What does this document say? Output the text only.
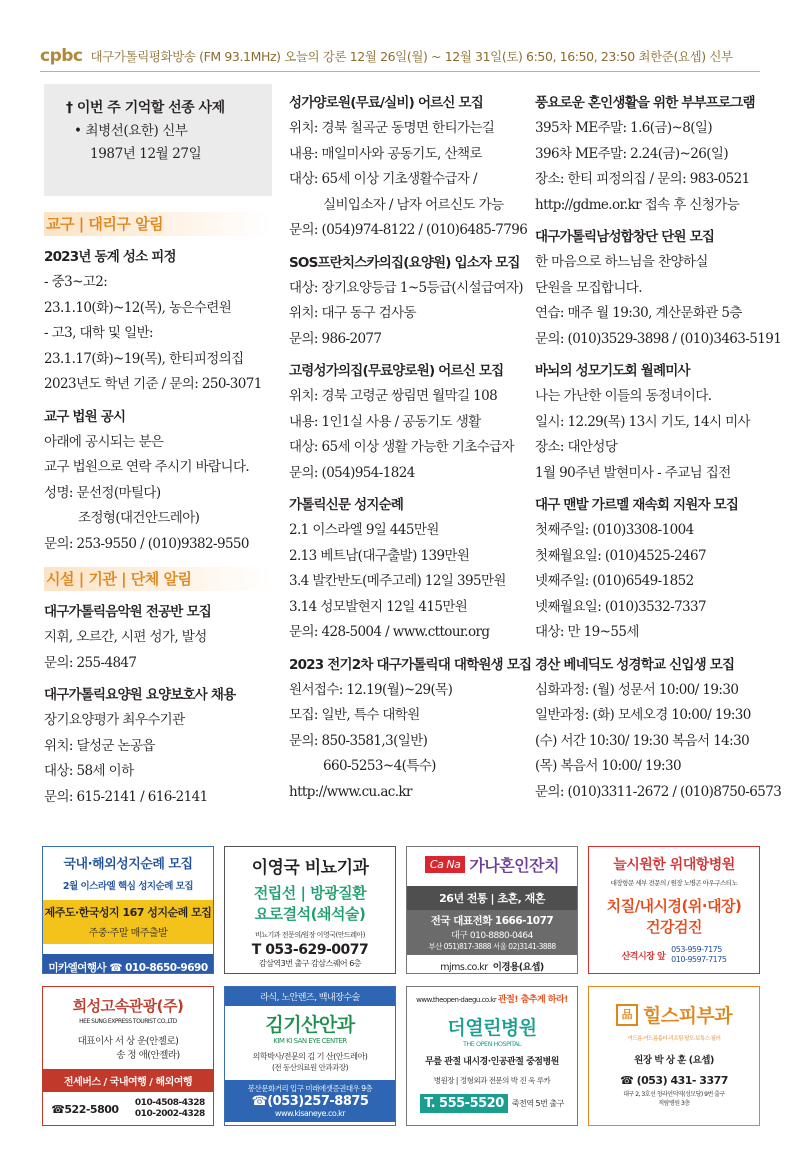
cpbc 대구가톨릭평화방송 (FM 93.1MHz) 오늘의 강론 12월 26일(월) ~ 12월 31일(토) 6:50, 16:50, 23:50 최한준(요셉) 신부
† 이번 주 기억할 선종 사제

• 최병선(요한) 신부

1987년 12월 27일

교구 | 대리구 알림
2023년 동계 성소 피정
- 중3~고2:
23.1.10(화)~12(목), 농은수련원
- 고3, 대학 및 일반:
23.1.17(화)~19(목), 한티피정의집
2023년도 학년 기준 / 문의: 250-3071
교구 법원 공시
아래에 공시되는 분은
교구 법원으로 연락 주시기 바랍니다.
성명: 문선정(마틸다)
조정형(대건안드레아)
문의: 253-9550 / (010)9382-9550
시설 | 기관 | 단체 알림
대구가톨릭음악원 전공반 모집
지휘, 오르간, 시편 성가, 발성
문의: 255-4847
대구가톨릭요양원 요양보호사 채용
장기요양평가 최우수기관
위치: 달성군 논공읍
대상: 58세 이하
문의: 615-2141 / 616-2141
성가양로원(무료/실비) 어르신 모집
위치: 경북 칠곡군 동명면 한티가는길
내용: 매일미사와 공동기도, 산책로
대상: 65세 이상 기초생활수급자 /
실비입소자 / 남자 어르신도 가능
문의: (054)974-8122 / (010)6485-7796
SOS프란치스카의집(요양원) 입소자 모집
대상: 장기요양등급 1~5등급(시설급여자)
위치: 대구 동구 검사동
문의: 986-2077
고령성가의집(무료양로원) 어르신 모집
위치: 경북 고령군 쌍림면 월막길 108
내용: 1인1실 사용 / 공동기도 생활
대상: 65세 이상 생활 가능한 기초수급자
문의: (054)954-1824
가톨릭신문 성지순례
2.1 이스라엘 9일 445만원
2.13 베트남(대구출발) 139만원
3.4 발칸반도(메주고레) 12일 395만원
3.14 성모발현지 12일 415만원
문의: 428-5004 / www.cttour.org
2023 전기2차 대구가톨릭대 대학원생 모집
원서접수: 12.19(월)~29(목)
모집: 일반, 특수 대학원
문의: 850-3581,3(일반)
660-5253~4(특수)
http://www.cu.ac.kr
풍요로운 혼인생활을 위한 부부프로그램
395차 ME주말: 1.6(금)~8(일)
396차 ME주말: 2.24(금)~26(일)
장소: 한티 피정의집 / 문의: 983-0521
http://gdme.or.kr 접속 후 신청가능
대구가톨릭남성합창단 단원 모집
한 마음으로 하느님을 찬양하실
단원을 모집합니다.
연습: 매주 월 19:30, 계산문화관 5층
문의: (010)3529-3898 / (010)3463-5191
바뇌의 성모기도회 월례미사
나는 가난한 이들의 동정녀이다.
일시: 12.29(목) 13시 기도, 14시 미사
장소: 대안성당
1월 90주년 발현미사 - 주교님 집전
대구 맨발 가르멜 재속회 지원자 모집
첫째주일: (010)3308-1004
첫째월요일: (010)4525-2467
넷째주일: (010)6549-1852
넷째월요일: (010)3532-7337
대상: 만 19~55세
경산 베네딕도 성경학교 신입생 모집
심화과정: (월) 성문서 10:00/ 19:30
일반과정: (화) 모세오경 10:00/ 19:30
(수) 서간 10:30/ 19:30 복음서 14:30
(목) 복음서 10:00/ 19:30
문의: (010)3311-2672 / (010)8750-6573
국내·해외성지순례 모집
2월 이스라엘 핵심 성지순례 모집
제주도·한국성지 167 성지순례 모집
주중·주말 매주출발
미카엘여행사 ☎ 010-8650-9690
이영국 비뇨기과
전립선 | 방광질환
요로결석(쇄석술)
비뇨기과 전문의/원장 이영국(안드레아)
T 053-629-0077
감삼역3번 출구 감삼스퀘어 6층
Ca Na 가나혼인잔치
26년 전통 | 초혼, 재혼
전국 대표전화 1666-1077
대구 010-8880-0464
부산 051)817-3888 서울 02)3141-3888
mjms.co.kr 이경용(요셉)
늘시원한 위대항병원
대장항문 세부 전문의 / 원장 노병곤 아우구스티노
치질/내시경(위·대장)
건강검진
산격시장 앞
053-959-7175
010-9597-7175
희성고속관광(주)
HEE SUNG EXPRESS TOURIST CO.,LTD
대표이사 서 상 운(안젤로)
송 정 애(안젤라)
전세버스 / 국내여행 / 해외여행
☎522-5800 010-4508-4328
010-2002-4328
라식, 노안렌즈, 백내장수술
김기산안과
KIM KI SAN EYE CENTER
의학박사/전문의 김 기 산(안드레아)
(전 동산의료원 안과과장)
봉산문화거리 입구 미래에셋증권대우 9층
☎(053)257-8875
www.kisaneye.co.kr
www.theopen-daegu.co.kr 관절! 춤추게 하라!
더열린병원
THE OPEN HOSPITAL
무릎 관절 내시경·인공관절 중점병원
병원장 | 정형외과 전문의 박 진 욱 루카
T. 555-5520	죽전역 5번 출구
品 힐스피부과
여드름·여드름흉터·리프팅·탈모·보톡스·필러
원장 박 상 훈 (요셉)
☎ (053) 431- 3377
대구 2, 3호선 청라언덕역(성모당) 9번 출구
적람병원 3층
